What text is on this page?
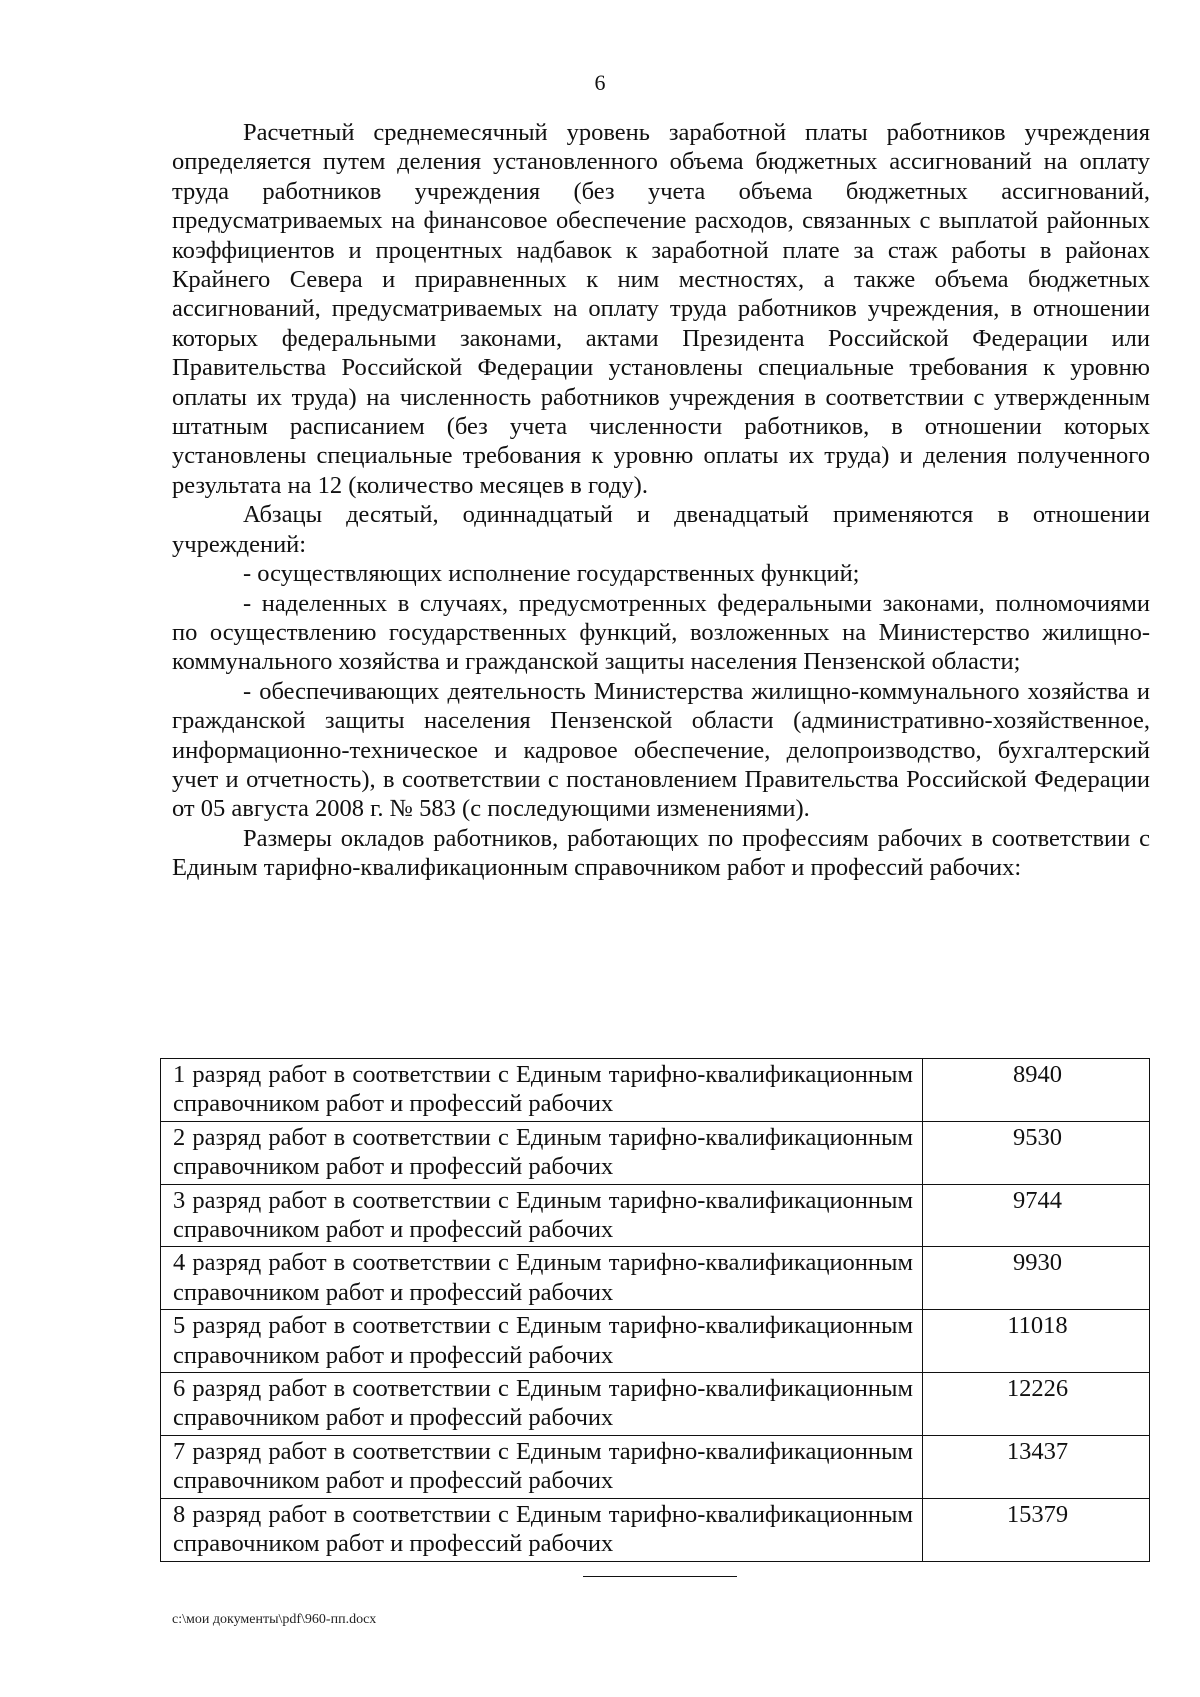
6

Расчетный среднемесячный уровень заработной платы работников учреждения определяется путем деления установленного объема бюджетных ассигнований на оплату труда работников учреждения (без учета объема бюджетных ассигнований, предусматриваемых на финансовое обеспечение расходов, связанных с выплатой районных коэффициентов и процентных надбавок к заработной плате за стаж работы в районах Крайнего Севера и приравненных к ним местностях, а также объема бюджетных ассигнований, предусматриваемых на оплату труда работников учреждения, в отношении которых федеральными законами, актами Президента Российской Федерации или Правительства Российской Федерации установлены специальные требования к уровню оплаты их труда) на численность работников учреждения в соответствии с утвержденным штатным расписанием (без учета численности работников, в отношении которых установлены специальные требования к уровню оплаты их труда) и деления полученного результата на 12 (количество месяцев в году).

Абзацы десятый, одиннадцатый и двенадцатый применяются в отношении учреждений:

- осуществляющих исполнение государственных функций;

- наделенных в случаях, предусмотренных федеральными законами, полномочиями по осуществлению государственных функций, возложенных на Министерство жилищно-коммунального хозяйства и гражданской защиты населения Пензенской области;

- обеспечивающих деятельность Министерства жилищно-коммунального хозяйства и гражданской защиты населения Пензенской области (административно-хозяйственное, информационно-техническое и кадровое обеспечение, делопроизводство, бухгалтерский учет и отчетность), в соответствии с постановлением Правительства Российской Федерации от 05 августа 2008 г. № 583 (с последующими изменениями).

Размеры окладов работников, работающих по профессиям рабочих в соответствии с Единым тарифно-квалификационным справочником работ и профессий рабочих:

1 разряд работ в соответствии с Единым тарифно-квалификационным справочником работ и профессий рабочих	8940
2 разряд работ в соответствии с Единым тарифно-квалификационным справочником работ и профессий рабочих	9530
3 разряд работ в соответствии с Единым тарифно-квалификационным справочником работ и профессий рабочих	9744
4 разряд работ в соответствии с Единым тарифно-квалификационным справочником работ и профессий рабочих	9930
5 разряд работ в соответствии с Единым тарифно-квалификационным справочником работ и профессий рабочих	11018
6 разряд работ в соответствии с Единым тарифно-квалификационным справочником работ и профессий рабочих	12226
7 разряд работ в соответствии с Единым тарифно-квалификационным справочником работ и профессий рабочих	13437
8 разряд работ в соответствии с Единым тарифно-квалификационным справочником работ и профессий рабочих	15379
c:\мои документы\pdf\960-пп.docx
